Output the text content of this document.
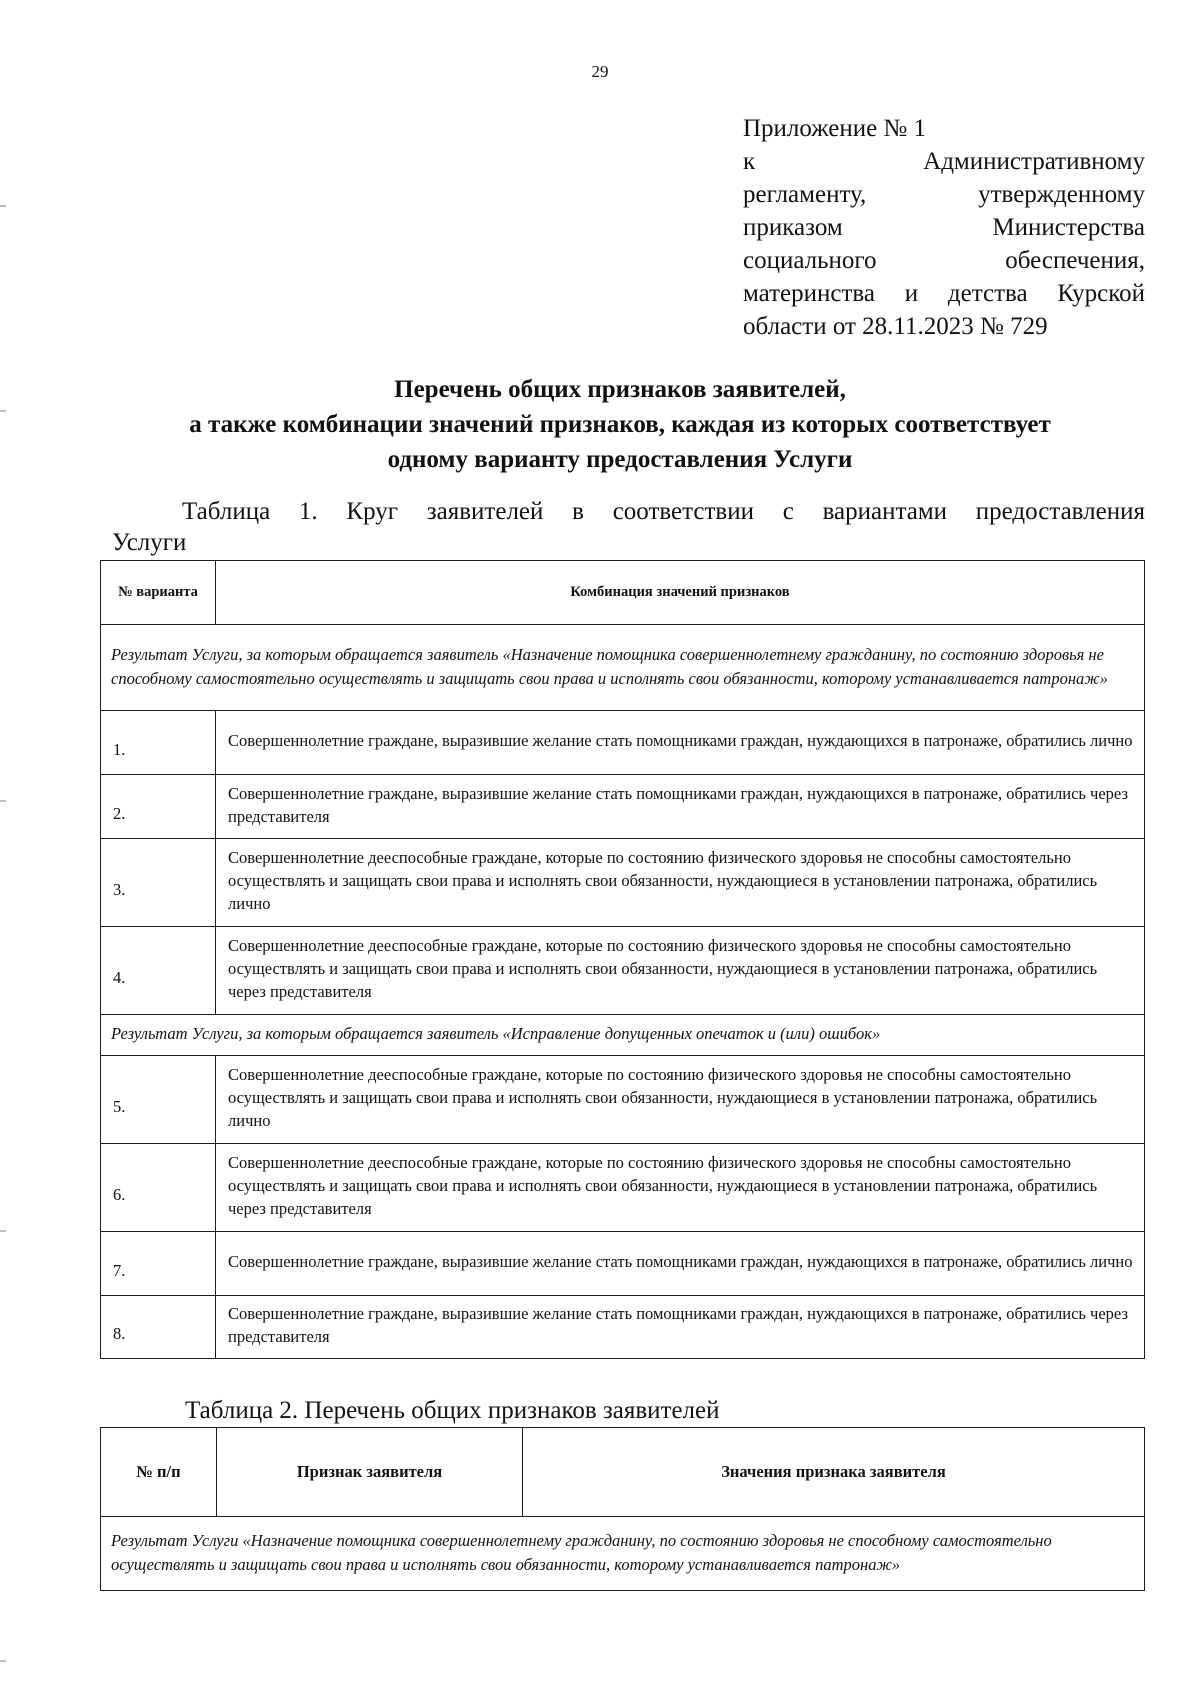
29
Приложение № 1
к	Административному
регламенту, утвержденному
приказом Министерства
социального обеспечения,
материнства и детства Курской
области от 28.11.2023 № 729
Перечень общих признаков заявителей,
а также комбинации значений признаков, каждая из которых соответствует
одному варианту предоставления Услуги
Таблица 1. Круг заявителей в соответствии с вариантами предоставления
Услуги
№ варианта	Комбинация значений признаков
Результат Услуги, за которым обращается заявитель «Назначение помощника совершеннолетнему гражданину, по состоянию здоровья не способному самостоятельно осуществлять и защищать свои права и исполнять свои обязанности, которому устанавливается патронаж»	
1.	Совершеннолетние граждане, выразившие желание стать помощниками граждан, нуждающихся в патронаже, обратились лично
2.	Совершеннолетние граждане, выразившие желание стать помощниками граждан, нуждающихся в патронаже, обратились через представителя
3.	Совершеннолетние дееспособные граждане, которые по состоянию физического здоровья не способны самостоятельно осуществлять и защищать свои права и исполнять свои обязанности, нуждающиеся в установлении патронажа, обратились лично
4.	Совершеннолетние дееспособные граждане, которые по состоянию физического здоровья не способны самостоятельно осуществлять и защищать свои права и исполнять свои обязанности, нуждающиеся в установлении патронажа, обратились через представителя
Результат Услуги, за которым обращается заявитель «Исправление допущенных опечаток и (или) ошибок»	
5.	Совершеннолетние дееспособные граждане, которые по состоянию физического здоровья не способны самостоятельно осуществлять и защищать свои права и исполнять свои обязанности, нуждающиеся в установлении патронажа, обратились лично
6.	Совершеннолетние дееспособные граждане, которые по состоянию физического здоровья не способны самостоятельно осуществлять и защищать свои права и исполнять свои обязанности, нуждающиеся в установлении патронажа, обратились через представителя
7.	Совершеннолетние граждане, выразившие желание стать помощниками граждан, нуждающихся в патронаже, обратились лично
8.	Совершеннолетние граждане, выразившие желание стать помощниками граждан, нуждающихся в патронаже, обратились через представителя
Таблица 2. Перечень общих признаков заявителей
№ п/п	Признак заявителя	Значения признака заявителя
Результат Услуги «Назначение помощника совершеннолетнему гражданину, по состоянию здоровья не способному самостоятельно осуществлять и защищать свои права и исполнять свои обязанности, которому устанавливается патронаж»
